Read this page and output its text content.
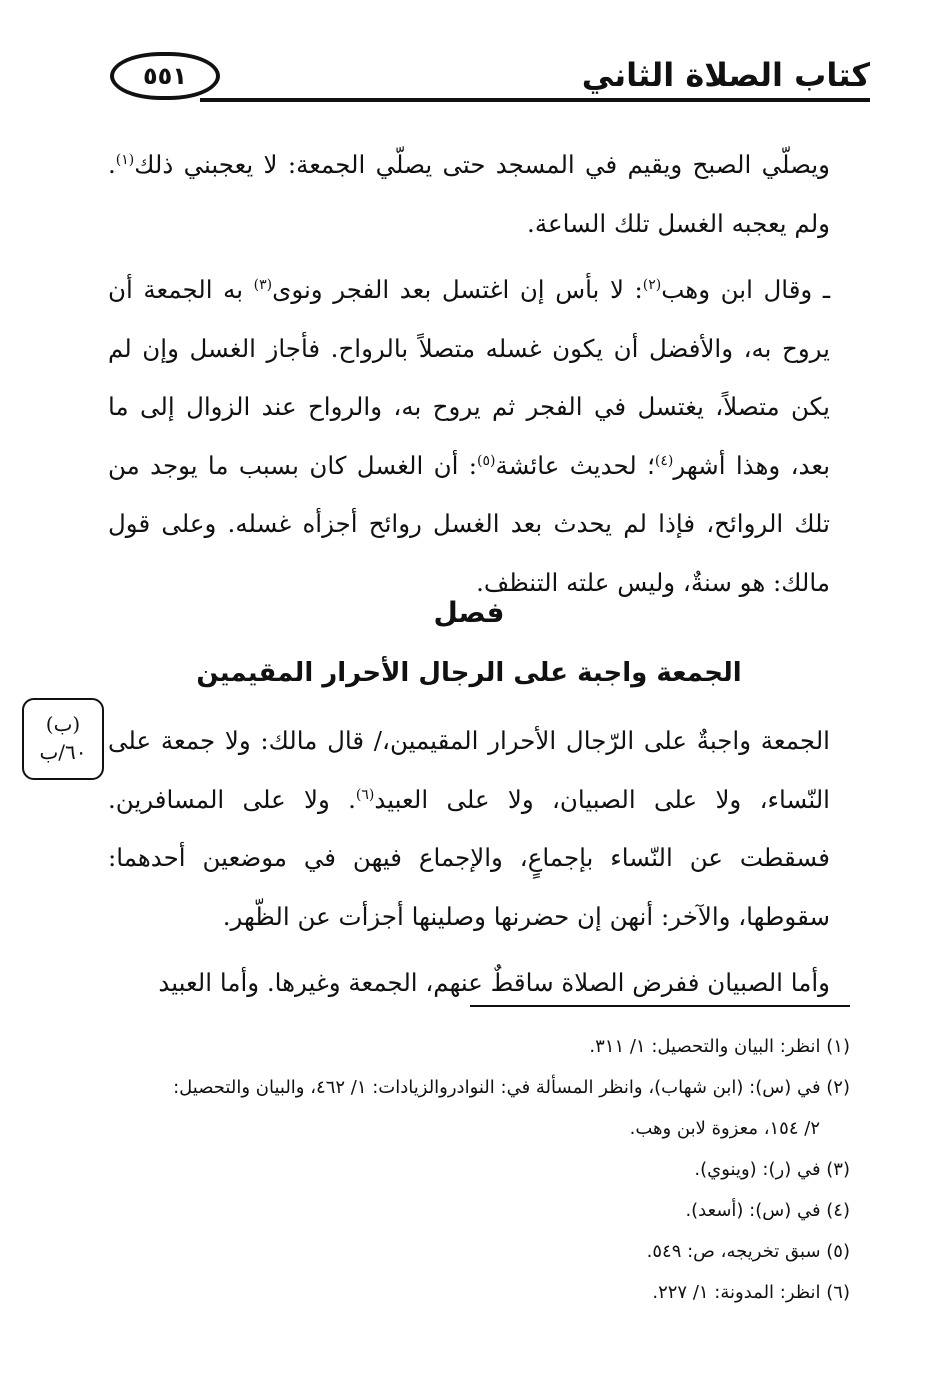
٥٥١	كتاب الصلاة الثاني

ويصلّي الصبح ويقيم في المسجد حتى يصلّي الجمعة: لا يعجبني ذلك$^{(١)}$. ولم يعجبه الغسل تلك الساعة.

ـ وقال ابن وهب$^{(٢)}$: لا بأس إن اغتسل بعد الفجر ونوى$^{(٣)}$ به الجمعة أن يروح به، والأفضل أن يكون غسله متصلاً بالرواح. فأجاز الغسل وإن لم يكن متصلاً، يغتسل في الفجر ثم يروح به، والرواح عند الزوال إلى ما بعد، وهذا أشهر$^{(٤)}$؛ لحديث عائشة$^{(٥)}$: أن الغسل كان بسبب ما يوجد من تلك الروائح، فإذا لم يحدث بعد الغسل روائح أجزأه غسله. وعلى قول مالك: هو سنةٌ، وليس علته التنظف.

فصل
الجمعة واجبة على الرجال الأحرار المقيمين
(ب)
٦٠/ب الجمعة واجبةٌ على الرّجال الأحرار المقيمين،/ قال مالك: ولا جمعة على النّساء، ولا على الصبيان، ولا على العبيد$^{(٦)}$. ولا على المسافرين. فسقطت عن النّساء بإجماعٍ، والإجماع فيهن في موضعين أحدهما: سقوطها، والآخر: أنهن إن حضرنها وصلينها أجزأت عن الظّهر.

وأما الصبيان ففرض الصلاة ساقطٌ عنهم، الجمعة وغيرها. وأما العبيد

(١) انظر: البيان والتحصيل: ١/ ٣١١.
(٢) في (س): (ابن شهاب)، وانظر المسألة في: النوادروالزيادات: ١/ ٤٦٢، والبيان والتحصيل:
٢/ ١٥٤، معزوة لابن وهب.
(٣) في (ر): (وينوي).
(٤) في (س): (أسعد).
(٥) سبق تخريجه، ص: ٥٤٩.
(٦) انظر: المدونة: ١/ ٢٢٧.
